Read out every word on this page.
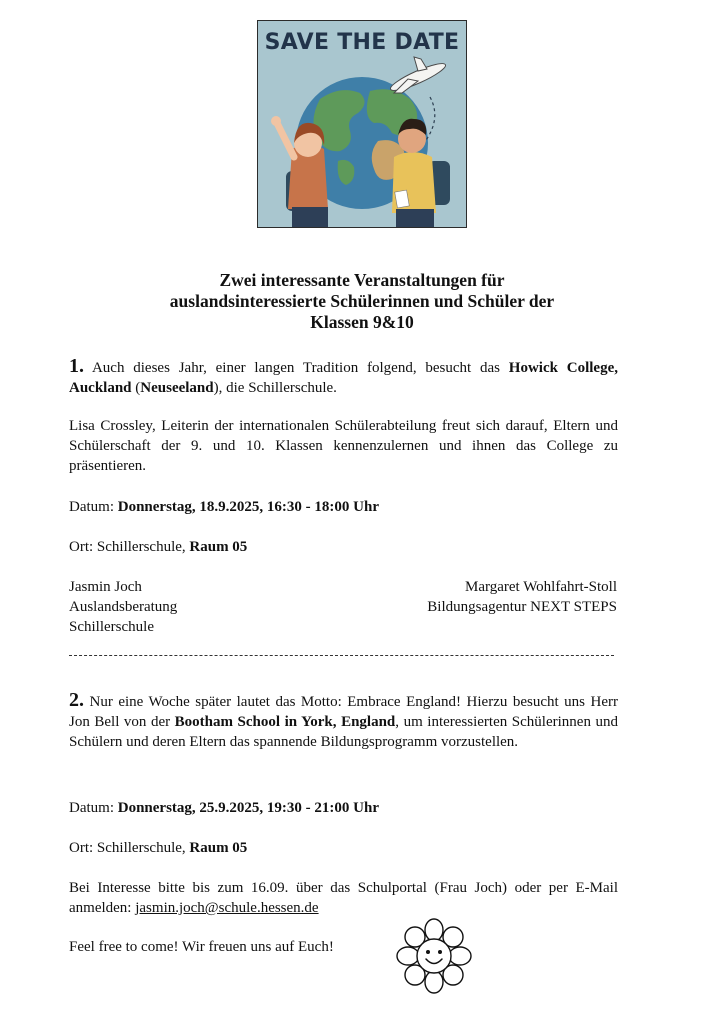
SAVE THE DATE
Zwei interessante Veranstaltungen für
auslandsinteressierte Schülerinnen und Schüler der
Klassen 9&10
1. Auch dieses Jahr, einer langen Tradition folgend, besucht das Howick College, Auckland (Neuseeland), die Schillerschule.
Lisa Crossley, Leiterin der internationalen Schülerabteilung freut sich darauf, Eltern und Schülerschaft der 9. und 10. Klassen kennenzulernen und ihnen das College zu präsentieren.
Datum: Donnerstag, 18.9.2025, 16:30 - 18:00 Uhr
Ort: Schillerschule, Raum 05
Jasmin Joch
Auslandsberatung
Schillerschule
Margaret Wohlfahrt-Stoll
Bildungsagentur NEXT STEPS
2. Nur eine Woche später lautet das Motto: Embrace England! Hierzu besucht uns Herr Jon Bell von der Bootham School in York, England, um interessierten Schülerinnen und Schülern und deren Eltern das spannende Bildungsprogramm vorzustellen.
Datum: Donnerstag, 25.9.2025, 19:30 - 21:00 Uhr
Ort: Schillerschule, Raum 05
Bei Interesse bitte bis zum 16.09. über das Schulportal (Frau Joch) oder per E-Mail anmelden: jasmin.joch@schule.hessen.de
Feel free to come! Wir freuen uns auf Euch!
